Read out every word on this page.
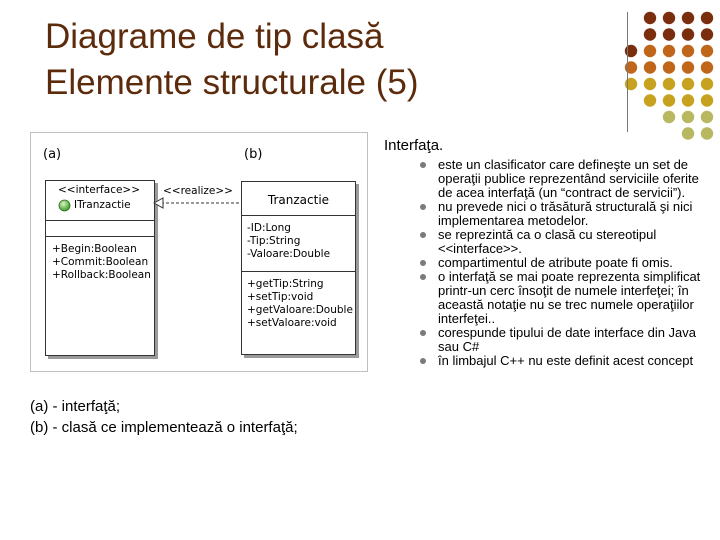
Diagrame de tip clasă
Elemente structurale (5)
(a)	(b)
<<interface>>
ITranzactie
+Begin:Boolean
+Commit:Boolean
+Rollback:Boolean
<<realize>>
Tranzactie
-ID:Long
-Tip:String
-Valoare:Double
+getTip:String
+setTip:void
+getValoare:Double
+setValoare:void
(a) - interfaţă;
(b) - clasă ce implementează o interfaţă;
Interfaţa.
este un clasificator care defineşte un set de operaţii publice reprezentând serviciile oferite de acea interfaţă (un “contract de servicii”).
nu prevede nici o trăsătură structurală şi nici implementarea metodelor.
se reprezintă ca o clasă cu stereotipul <<interface>>.
compartimentul de atribute poate fi omis.
o interfaţă se mai poate reprezenta simplificat printr-un cerc însoţit de numele interfeţei; în această notaţie nu se trec numele operaţiilor interfeţei..
corespunde tipului de date interface din Java sau C#
în limbajul C++ nu este definit acest concept
